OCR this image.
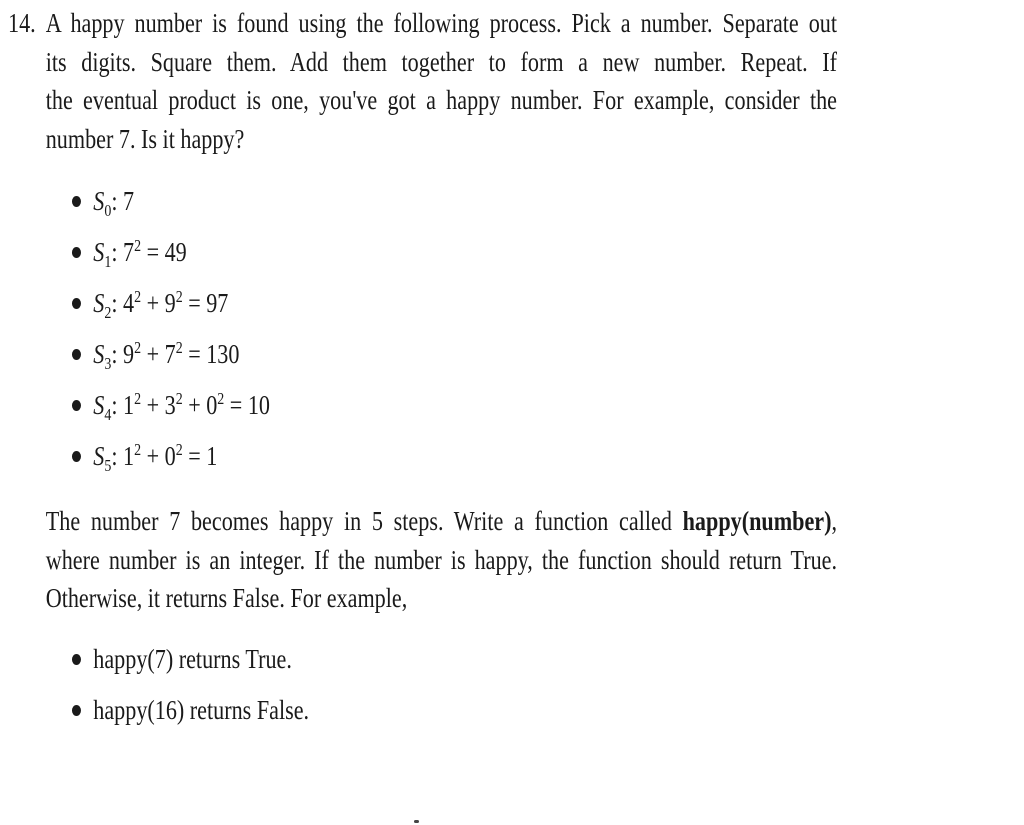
14. A happy number is found using the following process. Pick a number. Separate out
its digits. Square them. Add them together to form a new number. Repeat. If
the eventual product is one, you've got a happy number. For example, consider the
number 7. Is it happy?
$S_0$: 7
$S_1$: $7^2 = 49$
$S_2$: $4^2 + 9^2 = 97$
$S_3$: $9^2 + 7^2 = 130$
$S_4$: $1^2 + 3^2 + 0^2 = 10$
$S_5$: $1^2 + 0^2 = 1$
The number 7 becomes happy in 5 steps. Write a function called happy(number),
where number is an integer. If the number is happy, the function should return True.
Otherwise, it returns False. For example,
happy(7) returns True.
happy(16) returns False.
